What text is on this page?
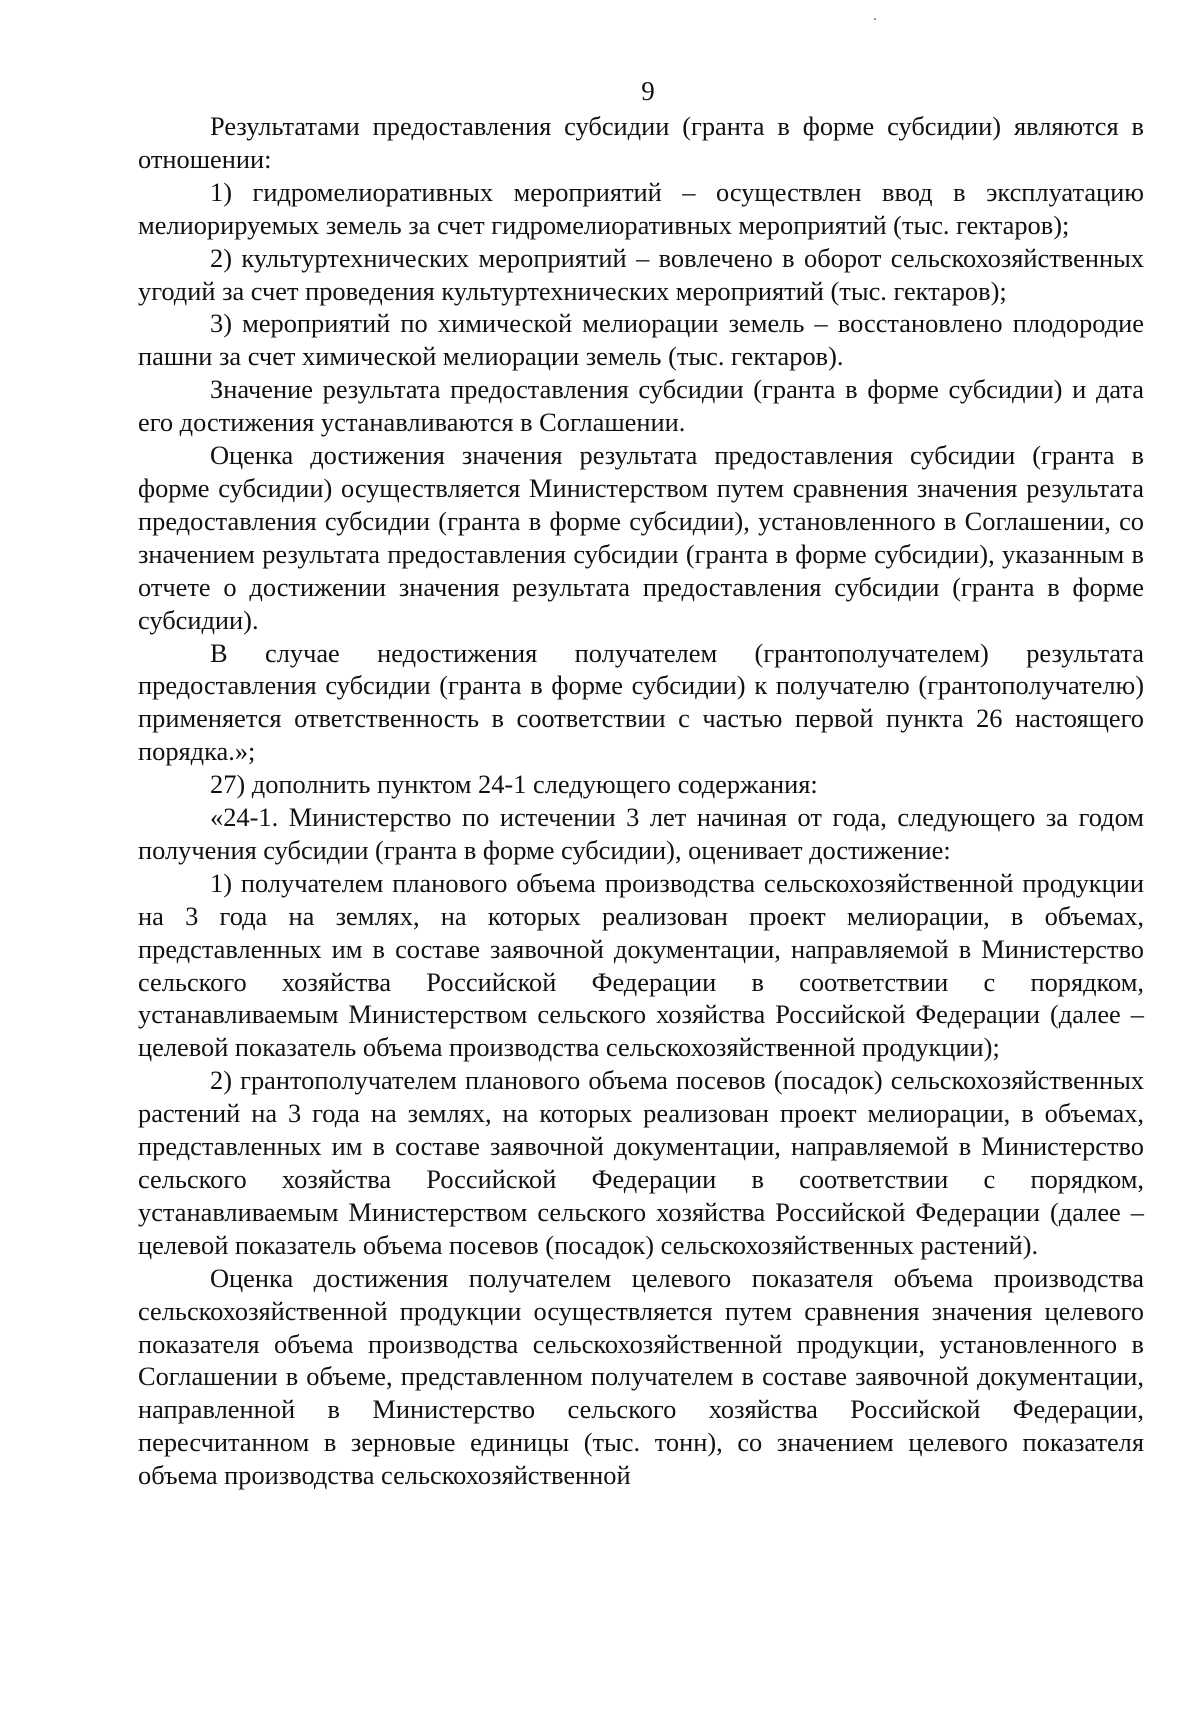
9

Результатами предоставления субсидии (гранта в форме субсидии) являются в отношении:

1) гидромелиоративных мероприятий – осуществлен ввод в эксплуатацию мелиорируемых земель за счет гидромелиоративных мероприятий (тыс. гектаров);

2) культуртехнических мероприятий – вовлечено в оборот сельскохозяйственных угодий за счет проведения культуртехнических мероприятий (тыс. гектаров);

3) мероприятий по химической мелиорации земель – восстановлено плодородие пашни за счет химической мелиорации земель (тыс. гектаров).

Значение результата предоставления субсидии (гранта в форме субсидии) и дата его достижения устанавливаются в Соглашении.

Оценка достижения значения результата предоставления субсидии (гранта в форме субсидии) осуществляется Министерством путем сравнения значения результата предоставления субсидии (гранта в форме субсидии), установленного в Соглашении, со значением результата предоставления субсидии (гранта в форме субсидии), указанным в отчете о достижении значения результата предоставления субсидии (гранта в форме субсидии).

В случае недостижения получателем (грантополучателем) результата предоставления субсидии (гранта в форме субсидии) к получателю (грантополучателю) применяется ответственность в соответствии с частью первой пункта 26 настоящего порядка.»;

27) дополнить пунктом 24-1 следующего содержания:

«24-1. Министерство по истечении 3 лет начиная от года, следующего за годом получения субсидии (гранта в форме субсидии), оценивает достижение:

1) получателем планового объема производства сельскохозяйственной продукции на 3 года на землях, на которых реализован проект мелиорации, в объемах, представленных им в составе заявочной документации, направляемой в Министерство сельского хозяйства Российской Федерации в соответствии с порядком, устанавливаемым Министерством сельского хозяйства Российской Федерации (далее – целевой показатель объема производства сельскохозяйственной продукции);

2) грантополучателем планового объема посевов (посадок) сельскохозяйственных растений на 3 года на землях, на которых реализован проект мелиорации, в объемах, представленных им в составе заявочной документации, направляемой в Министерство сельского хозяйства Российской Федерации в соответствии с порядком, устанавливаемым Министерством сельского хозяйства Российской Федерации (далее – целевой показатель объема посевов (посадок) сельскохозяйственных растений).

Оценка достижения получателем целевого показателя объема производства сельскохозяйственной продукции осуществляется путем сравнения значения целевого показателя объема производства сельскохозяйственной продукции, установленного в Соглашении в объеме, представленном получателем в составе заявочной документации, направленной в Министерство сельского хозяйства Российской Федерации, пересчитанном в зерновые единицы (тыс. тонн), со значением целевого показателя объема производства сельскохозяйственной
